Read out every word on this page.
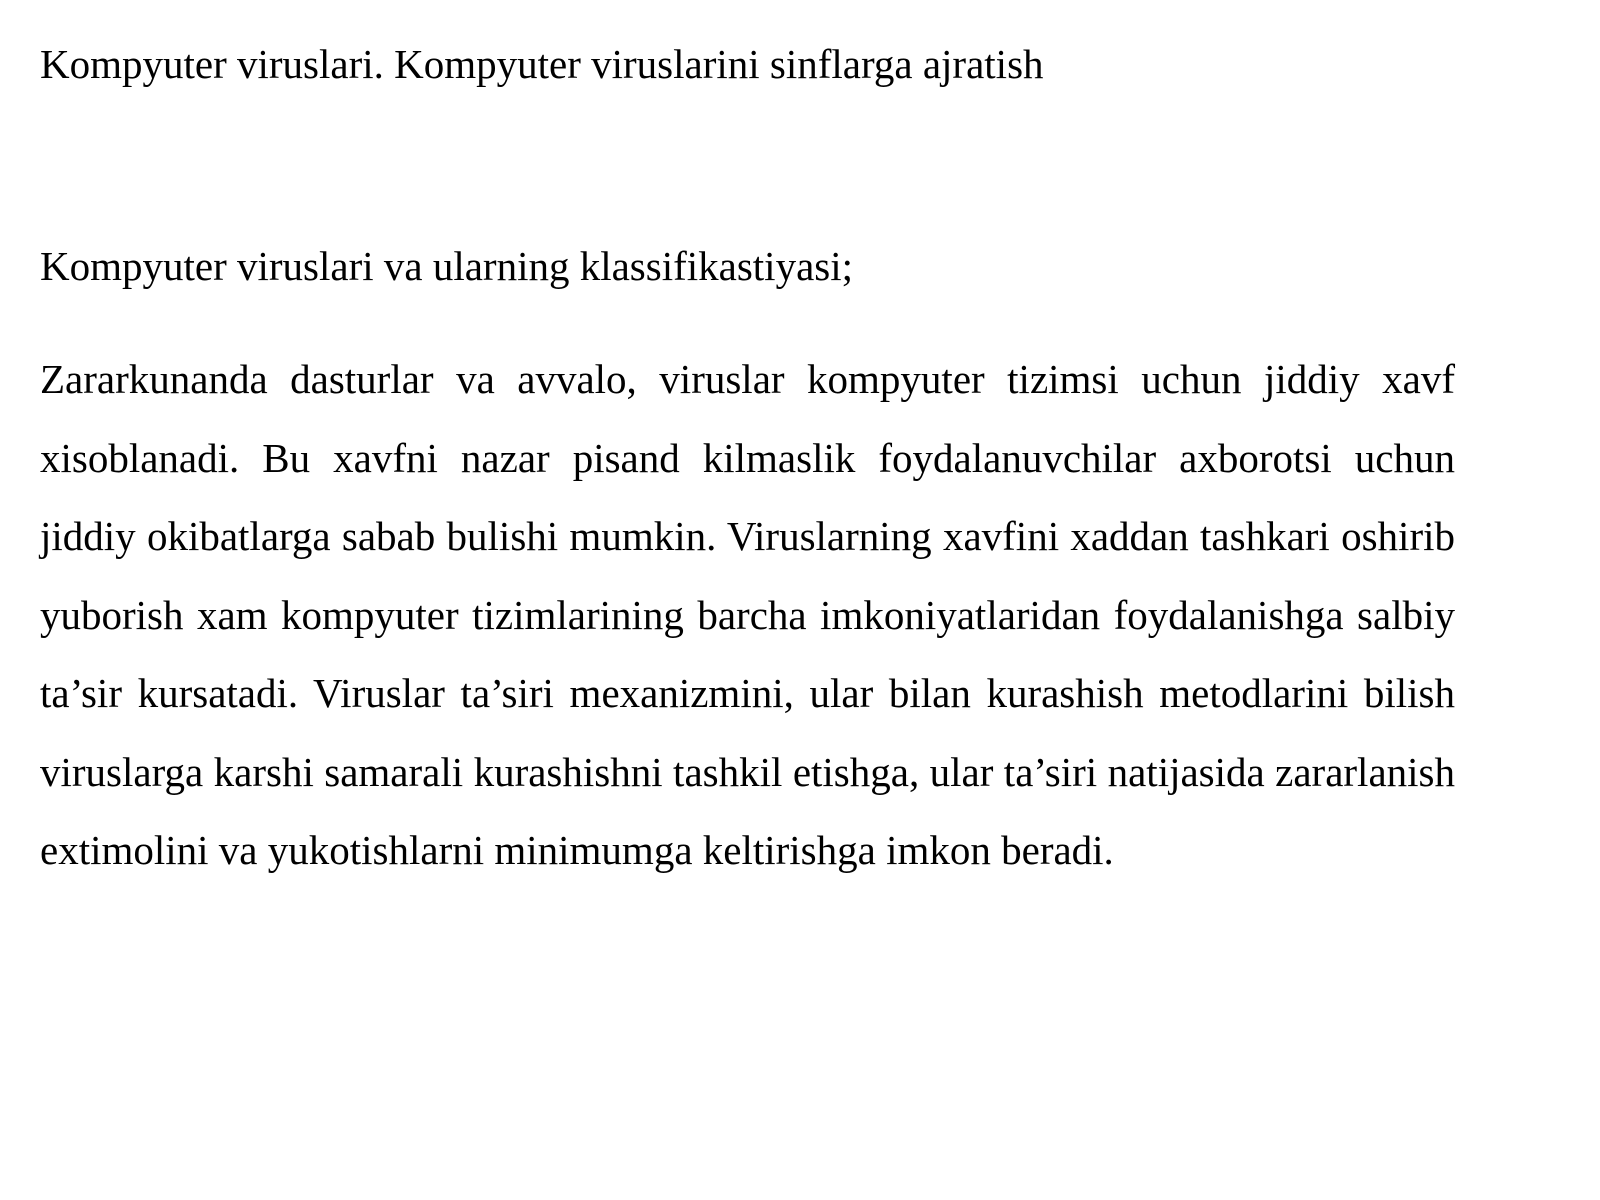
Kompyuter viruslari. Kompyuter viruslarini sinflarga ajratish
Kompyuter viruslari va ularning klassifikastiyasi;

Zararkunanda dasturlar va avvalo, viruslar kompyuter tizimsi uchun jiddiy xavf xisoblanadi. Bu xavfni nazar pisand kilmaslik foydalanuvchilar axborotsi uchun jiddiy okibatlarga sabab bulishi mumkin. Viruslarning xavfini xaddan tashkari oshirib yuborish xam kompyuter tizimlarining barcha imkoniyatlaridan foydalanishga salbiy ta’sir kursatadi. Viruslar ta’siri mexanizmini, ular bilan kurashish metodlarini bilish viruslarga karshi samarali kurashishni tashkil etishga, ular ta’siri natijasida zararlanish extimolini va yukotishlarni minimumga keltirishga imkon beradi.
